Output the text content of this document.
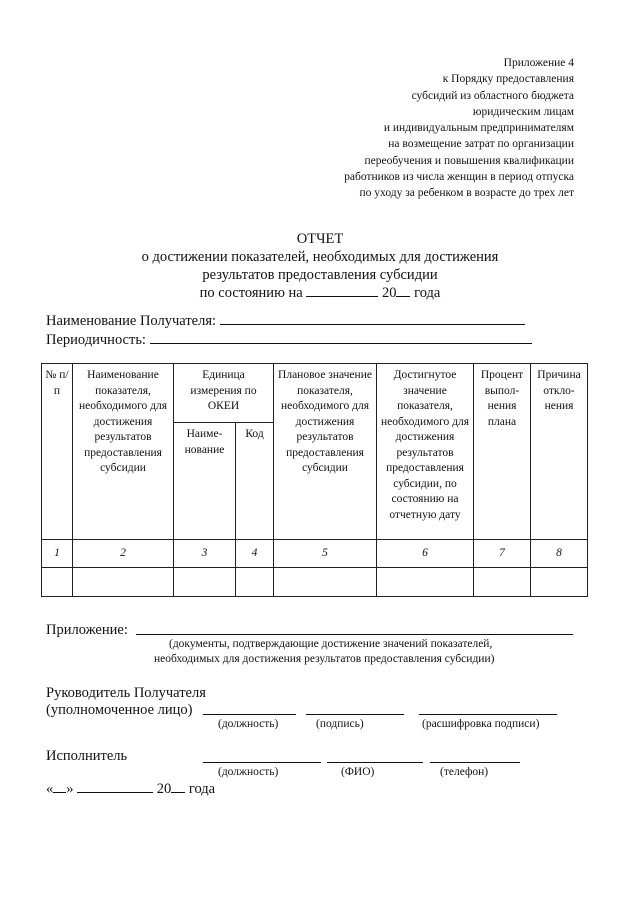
Приложение 4
к Порядку предоставления
субсидий из областного бюджета
юридическим лицам
и индивидуальным предпринимателям
на возмещение затрат по организации
переобучения и повышения квалификации
работников из числа женщин в период отпуска
по уходу за ребенком в возрасте до трех лет
ОТЧЕТ
о достижении показателей, необходимых для достижения
результатов предоставления субсидии
по состоянию на	20 года
Наименование Получателя:
Периодичность:
№ п/п	Наименование показателя, необходимого для достижения результатов предоставления субсидии	Единица измерения по ОКЕИ		Плановое значение показателя, необходимого для достижения результатов предоставления субсидии	Достигнутое значение показателя, необходимого для достижения результатов предоставления субсидии, по состоянию на отчетную дату	Процент выпол-нения плана	Причина откло-нения
		Наиме-нование	Код				
1	2	3	4	5	6	7	8

Приложение:
(документы, подтверждающие достижение значений показателей,
необходимых для достижения результатов предоставления субсидии)
Руководитель Получателя
(уполномоченное лицо)
(должность)	(подпись)	(расшифровка подписи)
Исполнитель
(должность)	(ФИО)	(телефон)
« »	20 года
